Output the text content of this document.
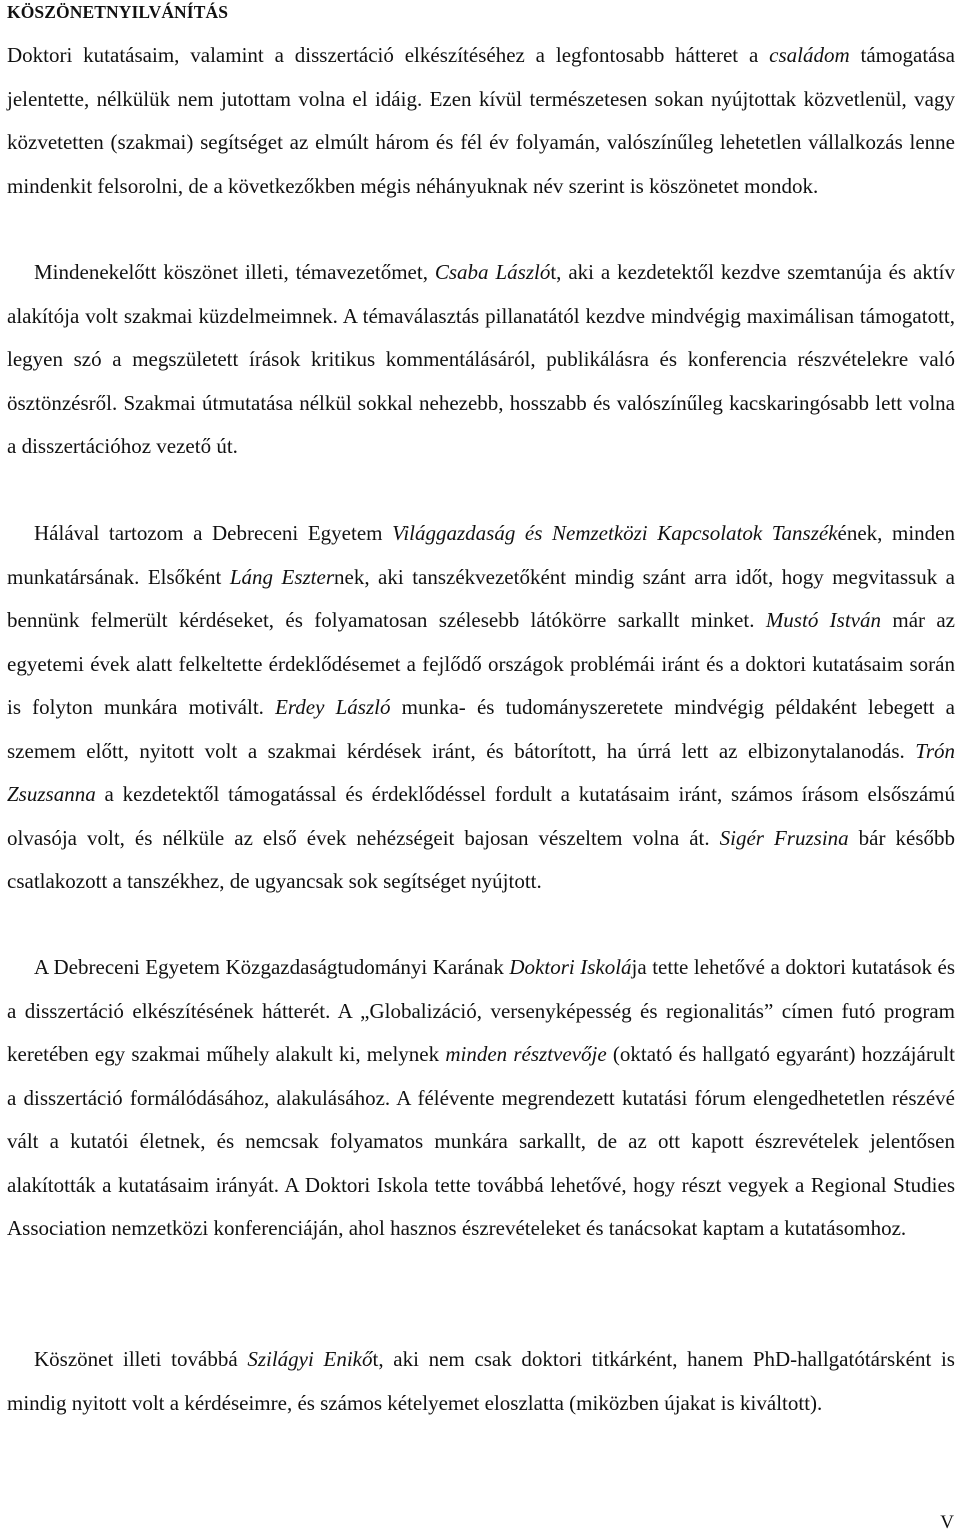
KÖSZÖNETNYILVÁNÍTÁS

Doktori kutatásaim, valamint a disszertáció elkészítéséhez a legfontosabb hátteret a családom támogatása jelentette, nélkülük nem jutottam volna el idáig. Ezen kívül természetesen sokan nyújtottak közvetlenül, vagy közvetetten (szakmai) segítséget az elmúlt három és fél év folyamán, valószínűleg lehetetlen vállalkozás lenne mindenkit felsorolni, de a következőkben mégis néhányuknak név szerint is köszönetet mondok.

Mindenekelőtt köszönet illeti, témavezetőmet, Csaba Lászlót, aki a kezdetektől kezdve szemtanúja és aktív alakítója volt szakmai küzdelmeimnek. A témaválasztás pillanatától kezdve mindvégig maximálisan támogatott, legyen szó a megszületett írások kritikus kommentálásáról, publikálásra és konferencia részvételekre való ösztönzésről. Szakmai útmutatása nélkül sokkal nehezebb, hosszabb és valószínűleg kacskaringósabb lett volna a disszertációhoz vezető út.

Hálával tartozom a Debreceni Egyetem Világgazdaság és Nemzetközi Kapcsolatok Tanszékének, minden munkatársának. Elsőként Láng Eszternek, aki tanszékvezetőként mindig szánt arra időt, hogy megvitassuk a bennünk felmerült kérdéseket, és folyamatosan szélesebb látókörre sarkallt minket. Mustó István már az egyetemi évek alatt felkeltette érdeklődésemet a fejlődő országok problémái iránt és a doktori kutatásaim során is folyton munkára motivált. Erdey László munka- és tudományszeretete mindvégig példaként lebegett a szemem előtt, nyitott volt a szakmai kérdések iránt, és bátorított, ha úrrá lett az elbizonytalanodás. Trón Zsuzsanna a kezdetektől támogatással és érdeklődéssel fordult a kutatásaim iránt, számos írásom elsőszámú olvasója volt, és nélküle az első évek nehézségeit bajosan vészeltem volna át. Sigér Fruzsina bár később csatlakozott a tanszékhez, de ugyancsak sok segítséget nyújtott.

A Debreceni Egyetem Közgazdaságtudományi Karának Doktori Iskolája tette lehetővé a doktori kutatások és a disszertáció elkészítésének hátterét. A „Globalizáció, versenyképesség és regionalitás” címen futó program keretében egy szakmai műhely alakult ki, melynek minden résztvevője (oktató és hallgató egyaránt) hozzájárult a disszertáció formálódásához, alakulásához. A félévente megrendezett kutatási fórum elengedhetetlen részévé vált a kutatói életnek, és nemcsak folyamatos munkára sarkallt, de az ott kapott észrevételek jelentősen alakították a kutatásaim irányát. A Doktori Iskola tette továbbá lehetővé, hogy részt vegyek a Regional Studies Association nemzetközi konferenciáján, ahol hasznos észrevételeket és tanácsokat kaptam a kutatásomhoz.

Köszönet illeti továbbá Szilágyi Enikőt, aki nem csak doktori titkárként, hanem PhD-hallgatótársként is mindig nyitott volt a kérdéseimre, és számos kételyemet eloszlatta (miközben újakat is kiváltott).

V
